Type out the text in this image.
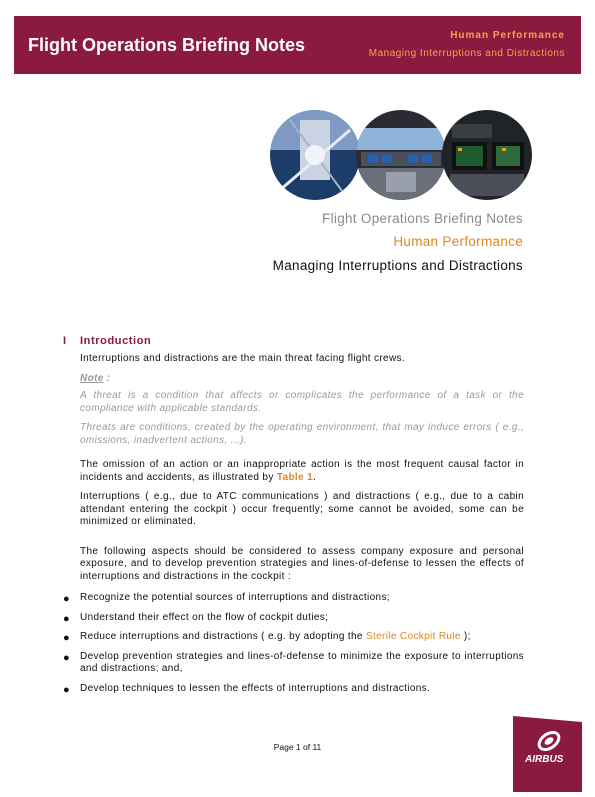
Flight Operations Briefing Notes	Human Performance
Managing Interruptions and Distractions
Flight Operations Briefing Notes
Human Performance
Managing Interruptions and Distractions
I Introduction

Interruptions and distractions are the main threat facing flight crews.

Note :

A threat is a condition that affects or complicates the performance of a task or the compliance with applicable standards.

Threats are conditions, created by the operating environment, that may induce errors ( e.g., omissions, inadvertent actions, ...).

The omission of an action or an inappropriate action is the most frequent causal factor in incidents and accidents, as illustrated by Table 1.

Interruptions ( e.g., due to ATC communications ) and distractions ( e.g., due to a cabin attendant entering the cockpit ) occur frequently; some cannot be avoided, some can be minimized or eliminated.

The following aspects should be considered to assess company exposure and personal exposure, and to develop prevention strategies and lines-of-defense to lessen the effects of interruptions and distractions in the cockpit :

● Recognize the potential sources of interruptions and distractions;
● Understand their effect on the flow of cockpit duties;
● Reduce interruptions and distractions ( e.g. by adopting the Sterile Cockpit Rule );
● Develop prevention strategies and lines-of-defense to minimize the exposure to interruptions and distractions; and,
● Develop techniques to lessen the effects of interruptions and distractions.
Page 1 of 11
AIRBUS
